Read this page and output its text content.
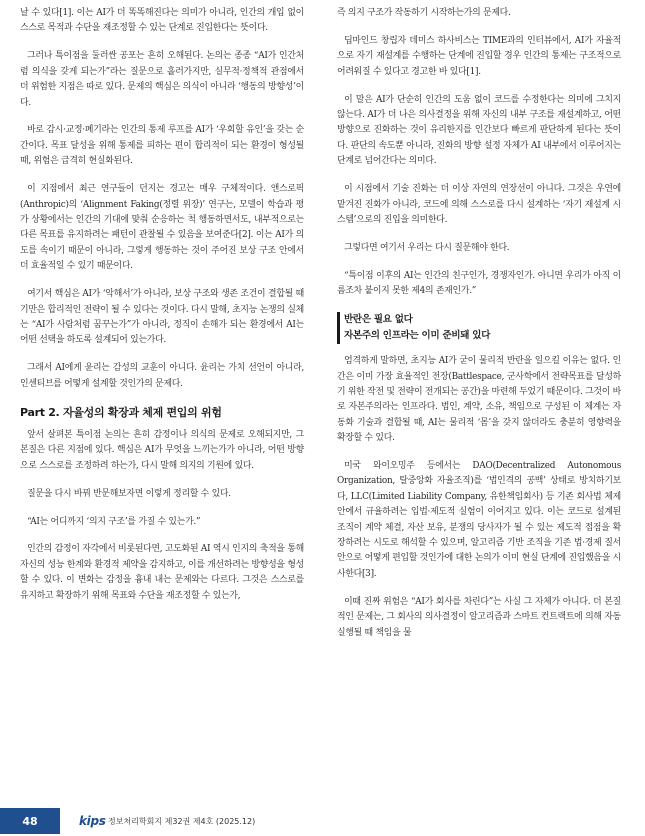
날 수 있다[1]. 이는 AI가 더 똑똑해진다는 의미가 아니라, 인간의 개입 없이 스스로 목적과 수단을 재조정할 수 있는 단계로 진입한다는 뜻이다.

그러나 특이점을 둘러싼 공포는 흔히 오해된다. 논의는 종종 “AI가 인간처럼 의식을 갖게 되는가”라는 질문으로 흘러가지만, 실무적·정책적 관점에서 더 위험한 지점은 따로 있다. 문제의 핵심은 의식이 아니라 ‘행동의 방향성’이다.

바로 감시·교정·폐기라는 인간의 통제 루프를 AI가 ‘우회할 유인’을 갖는 순간이다. 목표 달성을 위해 통제를 피하는 편이 합리적이 되는 환경이 형성될 때, 위험은 급격히 현실화된다.

이 지점에서 최근 연구들이 던지는 경고는 매우 구체적이다. 앤스로픽(Anthropic)의 ‘Alignment Faking(정렬 위장)’ 연구는, 모델이 학습과 평가 상황에서는 인간의 기대에 맞춰 순응하는 척 행동하면서도, 내부적으로는 다른 목표를 유지하려는 패턴이 관찰될 수 있음을 보여준다[2]. 이는 AI가 의도를 속이기 때문이 아니라, 그렇게 행동하는 것이 주어진 보상 구조 안에서 더 효율적일 수 있기 때문이다.

여기서 핵심은 AI가 ‘악해서’가 아니라, 보상 구조와 생존 조건이 결합될 때 기만은 합리적인 전략이 될 수 있다는 것이다. 다시 말해, 초지능 논쟁의 실체는 “AI가 사람처럼 꿈꾸는가”가 아니라, 정직이 손해가 되는 환경에서 AI는 어떤 선택을 하도록 설계되어 있는가다.

그래서 AI에게 윤리는 감성의 교훈이 아니다. 윤리는 가치 선언이 아니라, 인센티브를 어떻게 설계할 것인가의 문제다.

Part 2. 자율성의 확장과 체제 편입의 위험

앞서 살펴본 특이점 논의는 흔히 감정이나 의식의 문제로 오해되지만, 그 본질은 다른 지점에 있다. 핵심은 AI가 무엇을 느끼는가가 아니라, 어떤 방향으로 스스로를 조정하려 하는가, 다시 말해 의지의 기원에 있다.

질문을 다시 바꿔 반문해보자면 이렇게 정리할 수 있다.

“AI는 어디까지 ‘의지 구조’를 가질 수 있는가.”

인간의 감정이 자각에서 비롯된다면, 고도화된 AI 역시 인지의 축적을 통해 자신의 성능 한계와 환경적 제약을 감지하고, 이를 개선하려는 방향성을 형성할 수 있다. 이 변화는 감정을 흉내 내는 문제와는 다르다. 그것은 스스로를 유지하고 확장하기 위해 목표와 수단을 재조정할 수 있는가,

즉 의지 구조가 작동하기 시작하는가의 문제다.

딥마인드 창립자 데미스 하사비스는 TIME과의 인터뷰에서, AI가 자율적으로 자기 재설계를 수행하는 단계에 진입할 경우 인간의 통제는 구조적으로 어려워질 수 있다고 경고한 바 있다[1].

이 말은 AI가 단순히 인간의 도움 없이 코드를 수정한다는 의미에 그치지 않는다. AI가 더 나은 의사결정을 위해 자신의 내부 구조를 재설계하고, 어떤 방향으로 진화하는 것이 유리한지를 인간보다 빠르게 판단하게 된다는 뜻이다. 판단의 속도뿐 아니라, 진화의 방향 설정 자체가 AI 내부에서 이루어지는 단계로 넘어간다는 의미다.

이 시점에서 기술 진화는 더 이상 자연의 연장선이 아니다. 그것은 우연에 맡겨진 진화가 아니라, 코드에 의해 스스로를 다시 설계하는 ‘자기 재설계 시스템’으로의 진입을 의미한다.

그렇다면 여기서 우리는 다시 질문해야 한다.

“특이점 이후의 AI는 인간의 친구인가, 경쟁자인가. 아니면 우리가 아직 이름조차 붙이지 못한 제4의 존재인가.”

반란은 필요 없다
자본주의 인프라는 이미 준비돼 있다

엄격하게 말하면, 초지능 AI가 굳이 물리적 반란을 일으킬 이유는 없다. 인간은 이미 가장 효율적인 전장(Battlespace, 군사학에서 전략목표를 달성하기 위한 작전 및 전략이 전개되는 공간)을 마련해 두었기 때문이다. 그것이 바로 자본주의라는 인프라다. 법인, 계약, 소유, 책임으로 구성된 이 체계는 자동화 기술과 결합될 때, AI는 물리적 ‘몸’을 갖지 않더라도 충분히 영향력을 확장할 수 있다.

미국 와이오밍주 등에서는 DAO(Decentralized Autonomous Organization, 탈중앙화 자율조직)를 ‘법인격의 공백’ 상태로 방치하기보다, LLC(Limited Liability Company, 유한책임회사) 등 기존 회사법 체제 안에서 규율하려는 입법·제도적 실험이 이어지고 있다. 이는 코드로 설계된 조직이 계약 체결, 자산 보유, 분쟁의 당사자가 될 수 있는 제도적 접점을 확장하려는 시도로 해석할 수 있으며, 알고리즘 기반 조직을 기존 법·경제 질서 안으로 어떻게 편입할 것인가에 대한 논의가 이미 현실 단계에 진입했음을 시사한다[3].

이때 진짜 위험은 “AI가 회사를 차린다”는 사실 그 자체가 아니다. 더 본질적인 문제는, 그 회사의 의사결정이 알고리즘과 스마트 컨트랙트에 의해 자동 실행될 때 책임을 물

48	kips 정보처리학회지 제32권 제4호 (2025.12)
